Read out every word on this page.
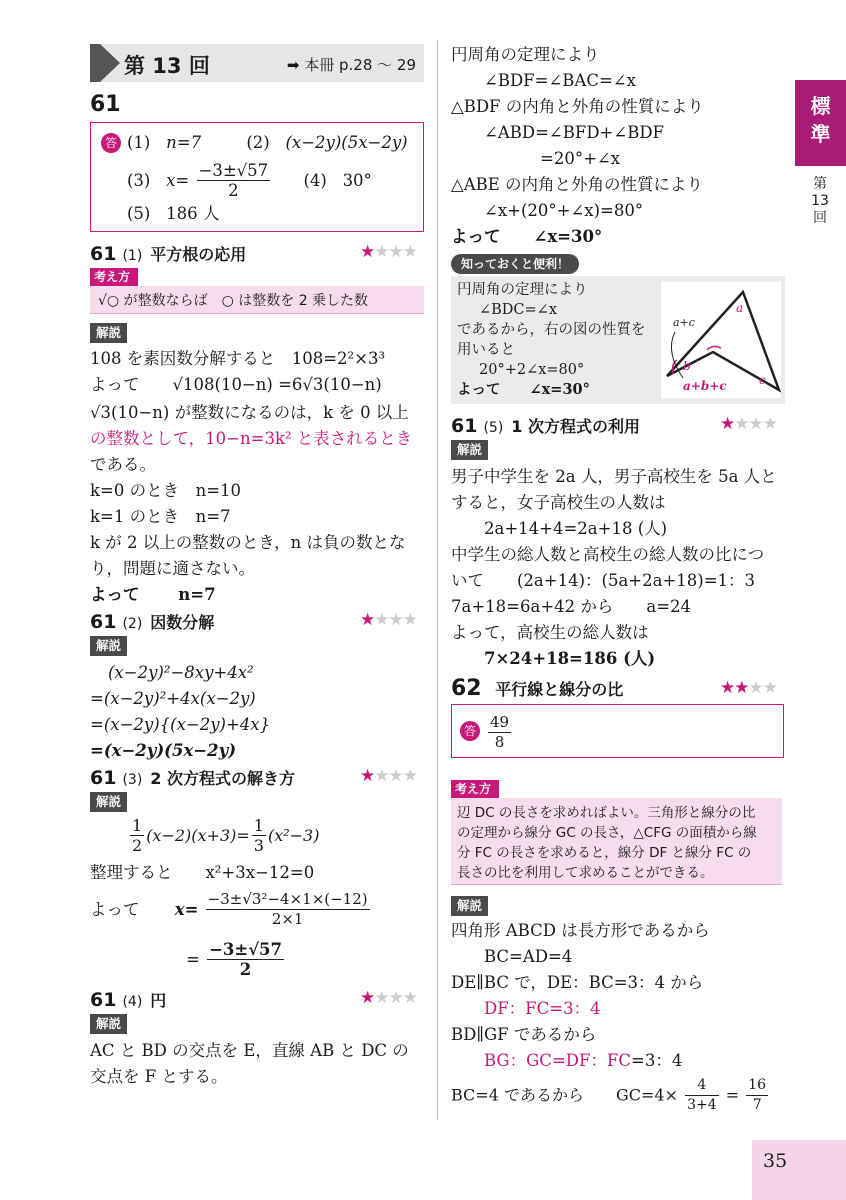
第 13 回	➡ 本冊 p.28 ～ 29
標
準
第
13
回
61
答 (1) n=7	(2) (x−2y)(5x−2y)
(3) $x= \frac{-3\pm√57}{2} (4)$ 30°
(5) 186 人
61 (1) 平方根の応用	★★★★
考え方
√○ が整数ならば　○ は整数を 2 乗した数
解説
108 を素因数分解すると　108=2²×3³
よって　　√108(10−n) =6√3(10−n)
√3(10−n) が整数になるのは，k を 0 以上
の整数として，10−n=3k² と表されるとき
である。
k=0 のとき　n=10
k=1 のとき　n=7
k が 2 以上の整数のとき，n は負の数とな
り，問題に適さない。
よって　　 n=7
61 (2) 因数分解	★★★★
解説
(x−2y)²−8xy+4x²
=(x−2y)²+4x(x−2y)
=(x−2y){(x−2y)+4x}
=(x−2y)(5x−2y)
61 (3) 2 次方程式の解き方	★★★★
解説
$\frac{1}{2} (x-2)(x+3)= \frac{1}{3} (x^2-3)$
整理すると　　x²+3x−12=0
よって $x= \frac{\text{−3±√3²−4×1×(−12)}}{2\times 1}$
= $\frac{-3\pm√57}{2}$
61 (4) 円	★★★★
解説
AC と BD の交点を E，直線 AB と DC の
交点を F とする。
円周角の定理により
∠BDF=∠BAC=∠x
△BDF の内角と外角の性質により
∠ABD=∠BFD+∠BDF
=20°+∠x
△ABE の内角と外角の性質により
∠x+(20°+∠x)=80°
よって　　∠x=30°
知っておくと便利！
円周角の定理により
∠BDC=∠x
であるから，右の図の性質を
用いると
20°+2∠x=80°
よって　　∠x=30°
a
b
c
a+c
a+b+c
61 (5) 1 次方程式の利用	★★★★
解説
男子中学生を 2a 人，男子高校生を 5a 人と
すると，女子高校生の人数は
2a+14+4=2a+18 (人)
中学生の総人数と高校生の総人数の比につ
いて　　(2a+14)：(5a+2a+18)=1：3
7a+18=6a+42 から　　a=24
よって，高校生の総人数は
7×24+18=186 (人)
62 平行線と線分の比	★★★★
答 $\frac{49}{8}$
考え方
辺 DC の長さを求めればよい。三角形と線分の比
の定理から線分 GC の長さ，△CFG の面積から線
分 FC の長さを求めると，線分 DF と線分 FC の
長さの比を利用して求めることができる。
解説
四角形 ABCD は長方形であるから
BC=AD=4
DE∥BC で，DE：BC=3：4 から
DF：FC=3：4
BD∥GF であるから
BG：GC=DF：FC=3：4
BC=4 であるから　　$GC=4\times \frac{4}{3+4} = \frac{16}{7}$
35
